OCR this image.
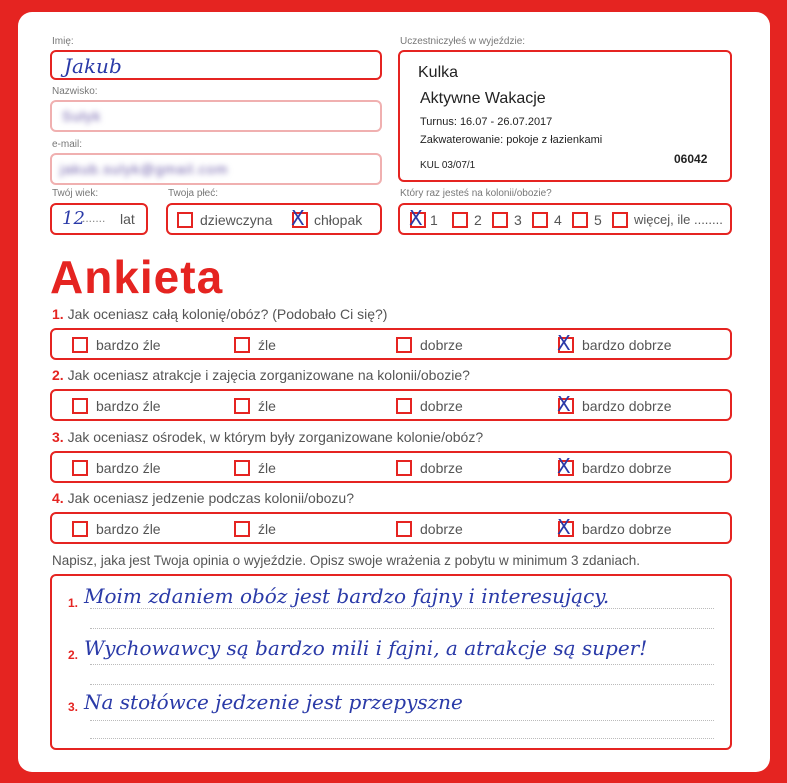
Imię:
Jakub
Nazwisko:
Sułyk
e-mail:
jakub.sulyk@gmail.com
Twój wiek:
12
....... lat
Twoja płeć:
dziewczyna X chłopak
Uczestniczyłeś w wyjeździe:
Kulka
Aktywne Wakacje
Turnus: 16.07 - 26.07.2017
Zakwaterowanie: pokoje z łazienkami
KUL 03/07/1	06042
Który raz jesteś na kolonii/obozie?
X 1	2 3 4 5 więcej, ile ........
Ankieta
1. Jak oceniasz całą kolonię/obóz? (Podobało Ci się?)
bardzo źle	źle	dobrze	X bardzo dobrze
2. Jak oceniasz atrakcje i zajęcia zorganizowane na kolonii/obozie?
bardzo źle	źle	dobrze	X bardzo dobrze
3. Jak oceniasz ośrodek, w którym były zorganizowane kolonie/obóz?
bardzo źle	źle	dobrze	X bardzo dobrze
4. Jak oceniasz jedzenie podczas kolonii/obozu?
bardzo źle	źle	dobrze	X bardzo dobrze
Napisz, jaka jest Twoja opinia o wyjeździe. Opisz swoje wrażenia z pobytu w minimum 3 zdaniach.
1. Moim zdaniem obóz jest bardzo fajny i interesujący.
2. Wychowawcy są bardzo mili i fajni, a atrakcje są super!
3. Na stołówce jedzenie jest przepyszne
